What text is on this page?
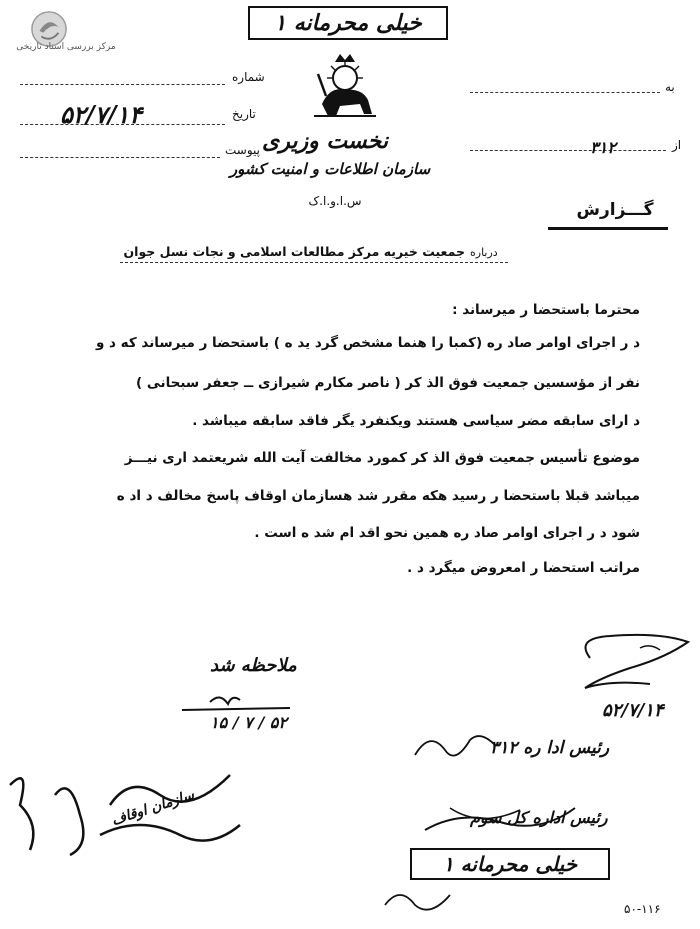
مرکز بررسی اسناد تاریخی
خیلی محرمانه ۱
به
از
۳۱۲
شماره
تاریخ
۵۲/۷/۱۴
پیوست نخست وزیری
سازمان اطلاعات و امنیت کشور
س.ا.و.ا.ک	گـــزارش
درباره
جمعیت خیریه مرکز مطالعات اسلامی و نجات نسل جوان
محترما باستحضا ر میرساند :
د ر اجرای اوامر صاد ره (کمبا را هنما مشخص گرد ید ه ) باستحضا ر میرساند که د و
نفر از مؤسسین جمعیت فوق الذ کر ( ناصر مکارم شیرازی ــ جعفر سبحانی )
د ارای سابقه مضر سیاسی هستند ویکنفرد یگر فاقد سابقه میباشد .
موضوع تأسیس جمعیت فوق الذ کر کمورد مخالفت آیت الله شریعتمد اری نیـــز
میباشد قبلا باستحضا ر رسید هکه مقرر شد هسازمان اوقاف پاسخ مخالف د اد ه
شود د ر اجرای اوامر صاد ره همین نحو اقد ام شد ه است .
مراتب استحضا ر امعروض میگرد د .
ملاحظه شد
۱۵ / ۷ / ۵۲
۵۲/۷/۱۴
رئیس ادا ره ۳۱۲
رئیس اداره کل سوم
سازمان اوقاف
خیلی محرمانه ۱
۵۰-۱۱۶
